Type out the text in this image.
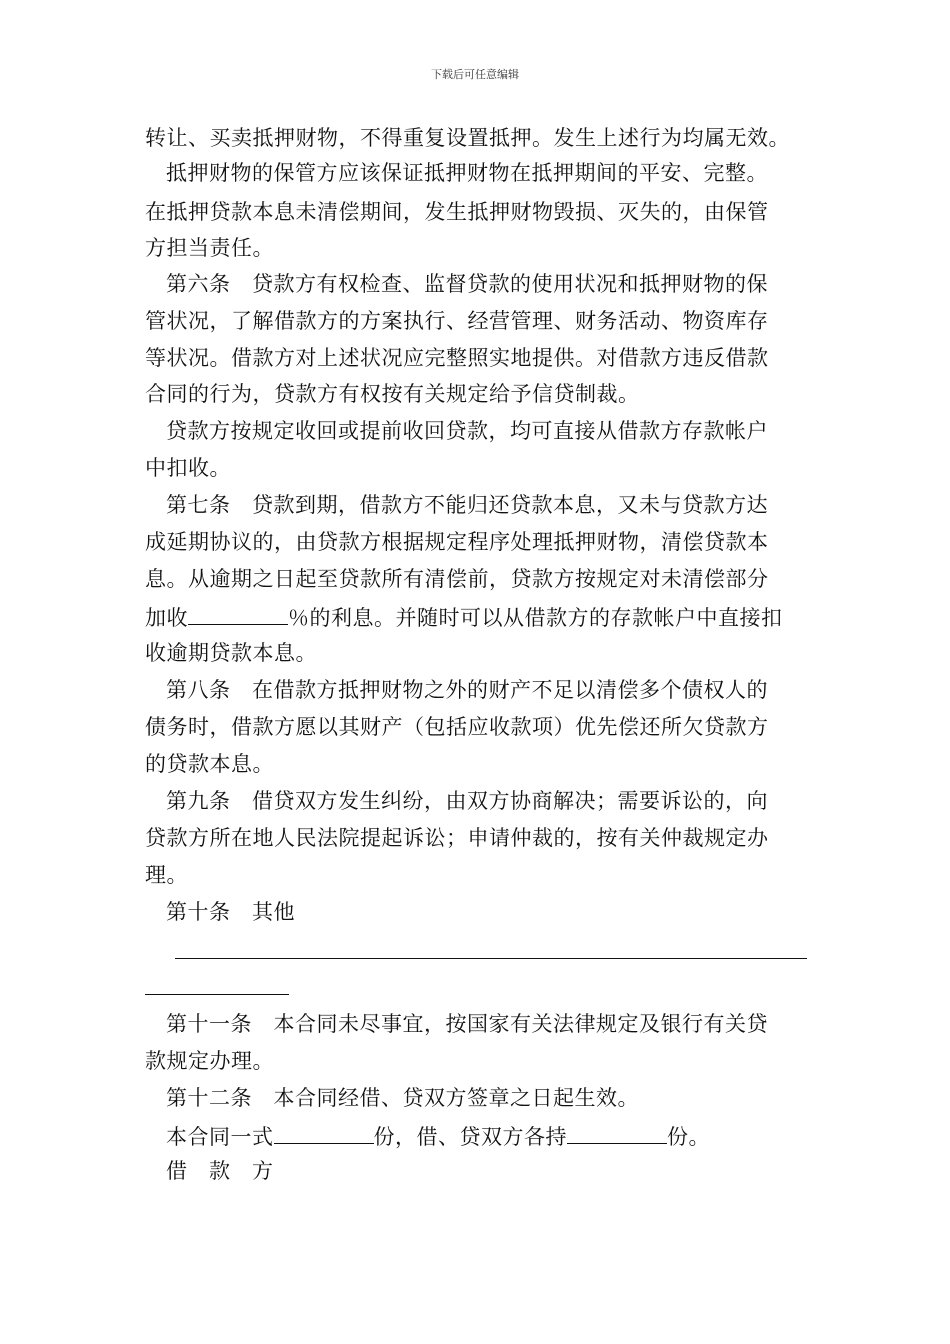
下载后可任意编辑
转让、买卖抵押财物，不得重复设置抵押。发生上述行为均属无效。
抵押财物的保管方应该保证抵押财物在抵押期间的平安、完整。
在抵押贷款本息未清偿期间，发生抵押财物毁损、灭失的，由保管
方担当责任。
第六条　贷款方有权检查、监督贷款的使用状况和抵押财物的保
管状况，了解借款方的方案执行、经营管理、财务活动、物资库存
等状况。借款方对上述状况应完整照实地提供。对借款方违反借款
合同的行为，贷款方有权按有关规定给予信贷制裁。
贷款方按规定收回或提前收回贷款，均可直接从借款方存款帐户
中扣收。
第七条　贷款到期，借款方不能归还贷款本息，又未与贷款方达
成延期协议的，由贷款方根据规定程序处理抵押财物，清偿贷款本
息。从逾期之日起至贷款所有清偿前，贷款方按规定对未清偿部分
加收	％的利息。并随时可以从借款方的存款帐户中直接扣
收逾期贷款本息。
第八条　在借款方抵押财物之外的财产不足以清偿多个债权人的
债务时，借款方愿以其财产（包括应收款项）优先偿还所欠贷款方
的贷款本息。
第九条　借贷双方发生纠纷，由双方协商解决；需要诉讼的，向
贷款方所在地人民法院提起诉讼；申请仲裁的，按有关仲裁规定办
理。
第十条　其他
第十一条　本合同未尽事宜，按国家有关法律规定及银行有关贷
款规定办理。
第十二条　本合同经借、贷双方签章之日起生效。
本合同一式	份，借、贷双方各持	份。
借　款　方
